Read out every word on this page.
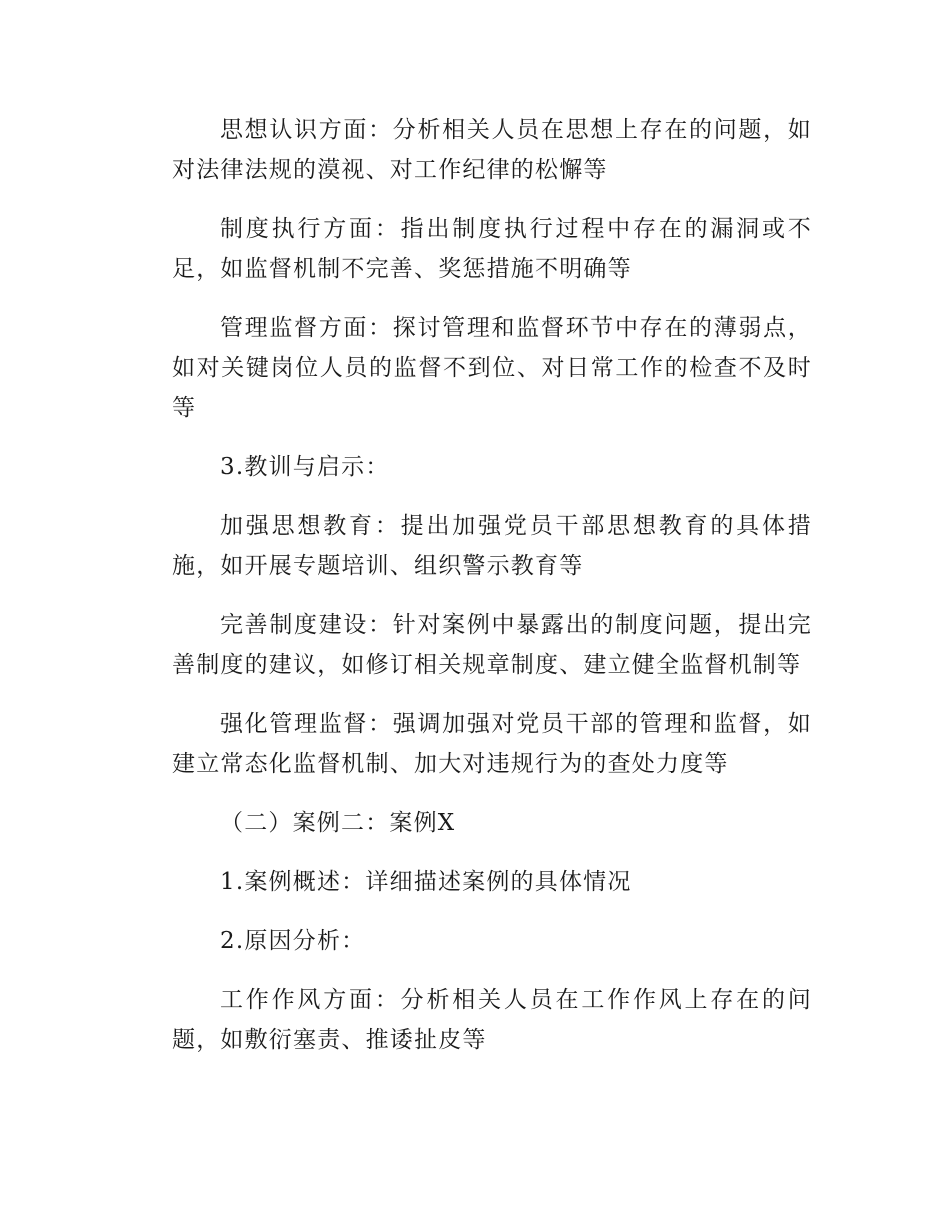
思想认识方面：分析相关人员在思想上存在的问题，如对法律法规的漠视、对工作纪律的松懈等

制度执行方面：指出制度执行过程中存在的漏洞或不足，如监督机制不完善、奖惩措施不明确等

管理监督方面：探讨管理和监督环节中存在的薄弱点，如对关键岗位人员的监督不到位、对日常工作的检查不及时等

3.教训与启示：

加强思想教育：提出加强党员干部思想教育的具体措施，如开展专题培训、组织警示教育等

完善制度建设：针对案例中暴露出的制度问题，提出完善制度的建议，如修订相关规章制度、建立健全监督机制等

强化管理监督：强调加强对党员干部的管理和监督，如建立常态化监督机制、加大对违规行为的查处力度等

（二）案例二：案例X

1.案例概述：详细描述案例的具体情况

2.原因分析：

工作作风方面：分析相关人员在工作作风上存在的问题，如敷衍塞责、推诿扯皮等
